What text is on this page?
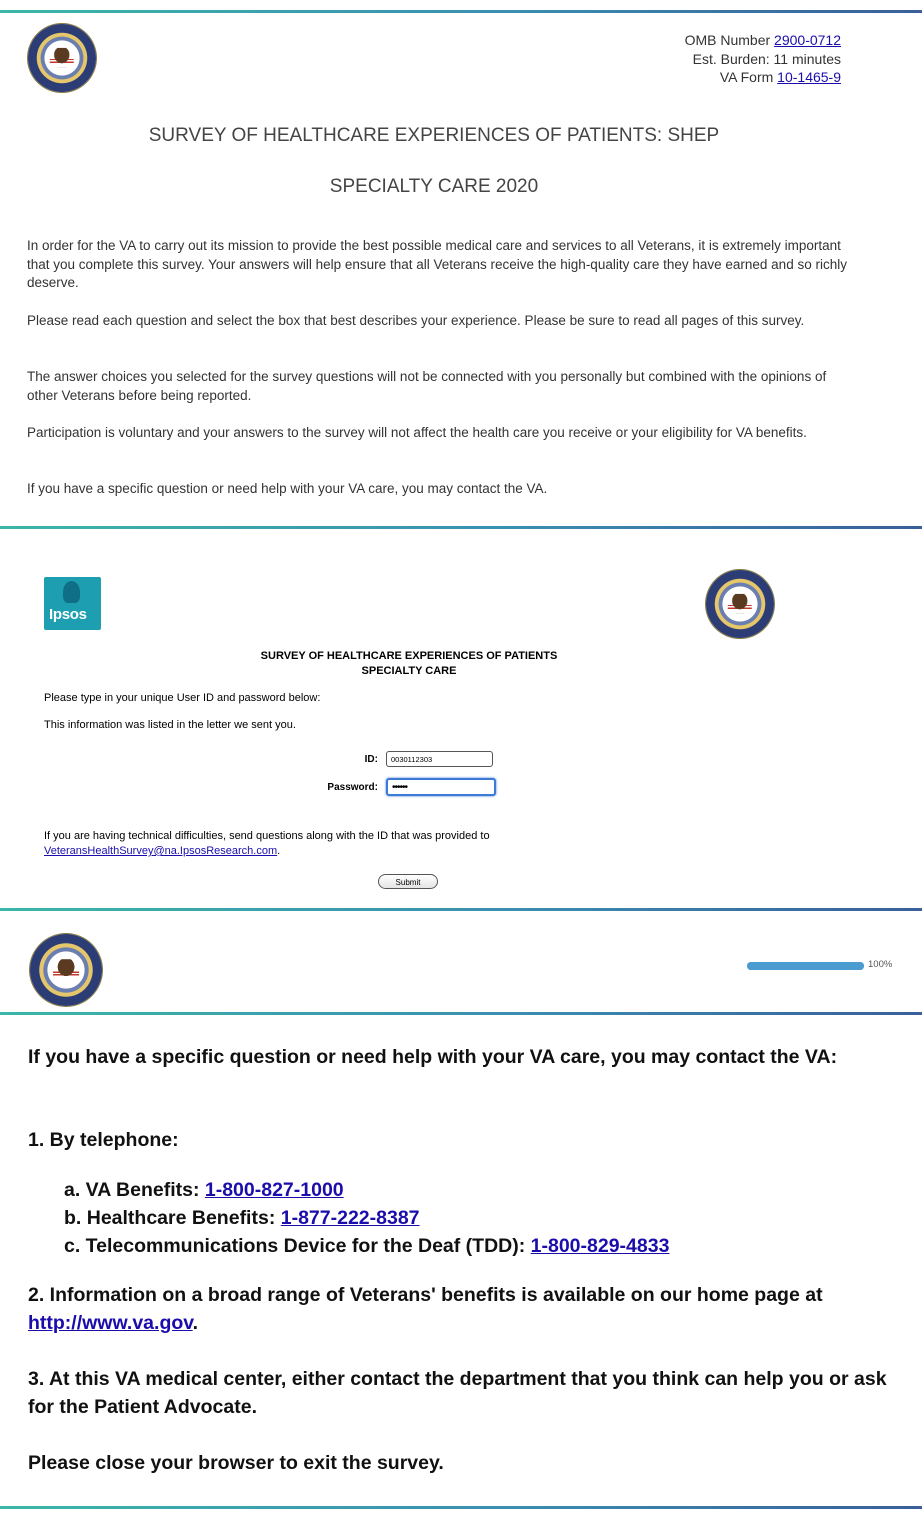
OMB Number 2900-0712
Est. Burden: 11 minutes
VA Form 10-1465-9
SURVEY OF HEALTHCARE EXPERIENCES OF PATIENTS: SHEP
SPECIALTY CARE 2020
In order for the VA to carry out its mission to provide the best possible medical care and services to all Veterans, it is extremely important that you complete this survey. Your answers will help ensure that all Veterans receive the high-quality care they have earned and so richly deserve.
Please read each question and select the box that best describes your experience. Please be sure to read all pages of this survey.
The answer choices you selected for the survey questions will not be connected with you personally but combined with the opinions of other Veterans before being reported.
Participation is voluntary and your answers to the survey will not affect the health care you receive or your eligibility for VA benefits.
If you have a specific question or need help with your VA care, you may contact the VA.
Ipsos
SURVEY OF HEALTHCARE EXPERIENCES OF PATIENTS
SPECIALTY CARE
Please type in your unique User ID and password below:
This information was listed in the letter we sent you.
ID:	0030112303
Password:	••••••
If you are having technical difficulties, send questions along with the ID that was provided to
VeteransHealthSurvey@na.IpsosResearch.com.
Submit
100%
If you have a specific question or need help with your VA care, you may contact the VA:
1. By telephone:
a. VA Benefits: 1-800-827-1000
b. Healthcare Benefits: 1-877-222-8387
c. Telecommunications Device for the Deaf (TDD): 1-800-829-4833
2. Information on a broad range of Veterans' benefits is available on our home page at http://www.va.gov.
3. At this VA medical center, either contact the department that you think can help you or ask for the Patient Advocate.
Please close your browser to exit the survey.
